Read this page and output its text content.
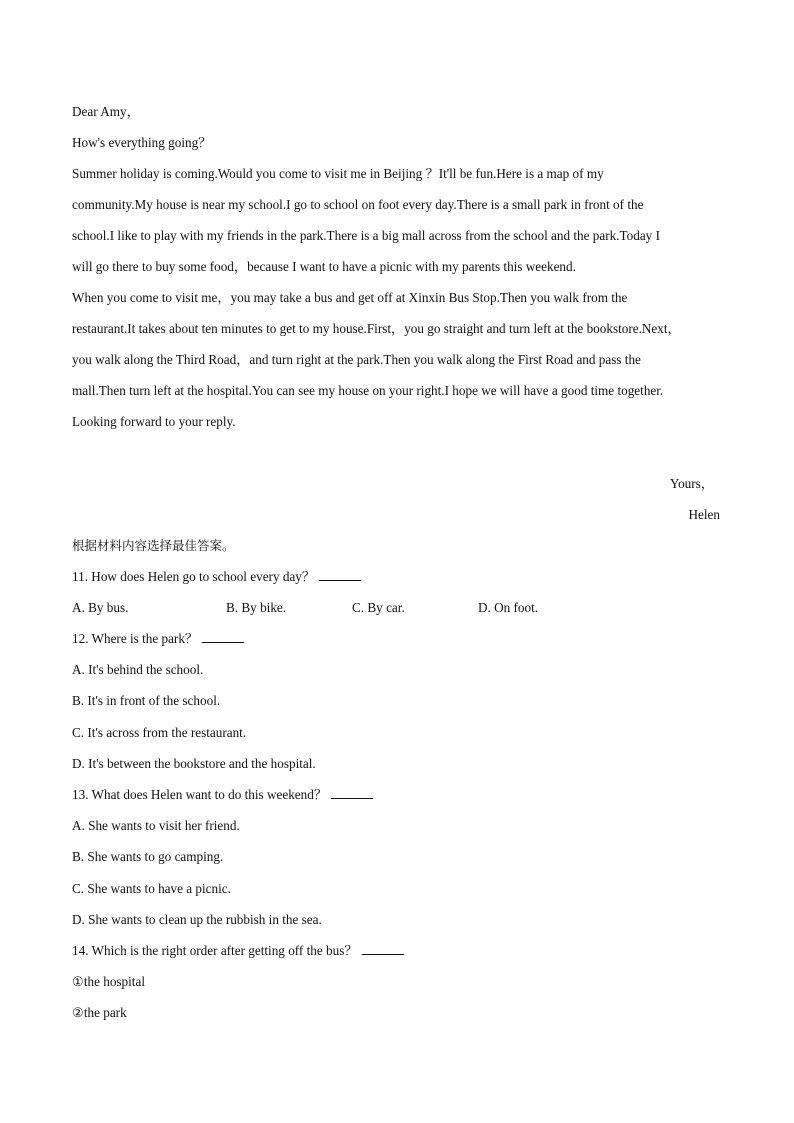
Dear Amy，
How's everything going？
Summer holiday is coming.Would you come to visit me in Beijing ？It'll be fun.Here is a map of my
community.My house is near my school.I go to school on foot every day.There is a small park in front of the
school.I like to play with my friends in the park.There is a big mall across from the school and the park.Today I
will go there to buy some food，because I want to have a picnic with my parents this weekend.
When you come to visit me，you may take a bus and get off at Xinxin Bus Stop.Then you walk from the
restaurant.It takes about ten minutes to get to my house.First，you go straight and turn left at the bookstore.Next，
you walk along the Third Road，and turn right at the park.Then you walk along the First Road and pass the
mall.Then turn left at the hospital.You can see my house on your right.I hope we will have a good time together.
Looking forward to your reply.
Yours，
Helen
根据材料内容选择最佳答案。
11. How does Helen go to school every day？
A. By bus.	B. By bike.	C. By car.	D. On foot.
12. Where is the park？
A. It's behind the school.
B. It's in front of the school.
C. It's across from the restaurant.
D. It's between the bookstore and the hospital.
13. What does Helen want to do this weekend？
A. She wants to visit her friend.
B. She wants to go camping.
C. She wants to have a picnic.
D. She wants to clean up the rubbish in the sea.
14. Which is the right order after getting off the bus？
①the hospital
②the park
